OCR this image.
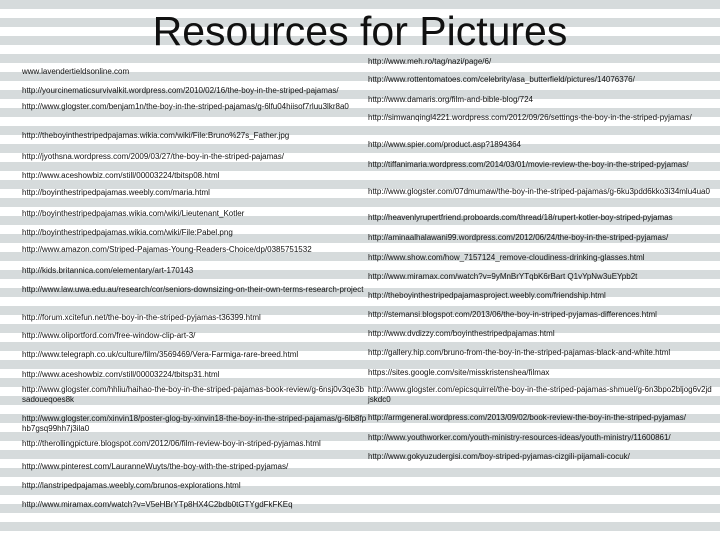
Resources for Pictures
www.lavendertieldsonline.com
http://yourcinematicsurvivalkit.wordpress.com/2010/02/16/the-boy-in-the-striped-pajamas/
http://www.glogster.com/benjam1n/the-boy-in-the-striped-pajamas/g-6lfu04hiisof7rluu3lkr8a0
http://theboyinthestripedpajamas.wikia.com/wiki/File:Bruno%27s_Father.jpg
http://jyothsna.wordpress.com/2009/03/27/the-boy-in-the-striped-pajamas/
http://www.aceshowbiz.com/still/00003224/tbitsp08.html
http://boyinthestripedpajamas.weebly.com/maria.html
http://boyinthestripedpajamas.wikia.com/wiki/Lieutenant_Kotler
http://boyinthestripedpajamas.wikia.com/wiki/File:Pabel.png
http://www.amazon.com/Striped-Pajamas-Young-Readers-Choice/dp/0385751532
http://kids.britannica.com/elementary/art-170143
http://www.law.uwa.edu.au/research/cor/seniors-downsizing-on-their-own-terms-research-project
http://forum.xcitefun.net/the-boy-in-the-striped-pyjamas-t36399.html
http://www.oliportford.com/free-window-clip-art-3/
http://www.telegraph.co.uk/culture/film/3569469/Vera-Farmiga-rare-breed.html
http://www.aceshowbiz.com/still/00003224/tbitsp31.html
http://www.glogster.com/hhliu/haihao-the-boy-in-the-striped-pajamas-book-review/g-6nsj0v3qe3bsadoueqoes8k
http://www.glogster.com/xinvin18/poster-glog-by-xinvin18-the-boy-in-the-striped-pajamas/g-6lb8fphb7gsq99hh7j3ila0
http://therollingpicture.blogspot.com/2012/06/film-review-boy-in-striped-pyjamas.html
http://www.pinterest.com/LauranneWuyts/the-boy-with-the-striped-pyjamas/
http://lanstripedpajamas.weebly.com/brunos-explorations.html
http://www.miramax.com/watch?v=V5eHBrYTp8HX4C2bdb0tGTYgdFkFKEq
http://www.meh.ro/tag/nazi/page/6/
http://www.rottentomatoes.com/celebrity/asa_butterfield/pictures/14076376/
http://www.damaris.org/film-and-bible-blog/724
http://simwanqingl4221.wordpress.com/2012/09/26/settings-the-boy-in-the-striped-pyjamas/
http://www.spier.com/product.asp?1894364
http://tiffanimaria.wordpress.com/2014/03/01/movie-review-the-boy-in-the-striped-pyjamas/
http://www.glogster.com/07dmumaw/the-boy-in-the-striped-pajamas/g-6ku3pdd6kko3i34mlu4ua0
http://heavenlyrupertfriend.proboards.com/thread/18/rupert-kotler-boy-striped-pyjamas
http://aminaalhalawani99.wordpress.com/2012/06/24/the-boy-in-the-striped-pyjamas/
http://www.show.com/how_7157124_remove-cloudiness-drinking-glasses.html
http://www.miramax.com/watch?v=9yMnBrYTqbK6rBart Q1vYpNw3uEYpb2t
http://theboyinthestripedpajamasproject.weebly.com/friendship.html
http://stemansi.blogspot.com/2013/06/the-boy-in-striped-pyjamas-differences.html
http://www.dvdizzy.com/boyinthestripedpajamas.html
http://gallery.hip.com/bruno-from-the-boy-in-the-striped-pajamas-black-and-white.html
https://sites.google.com/site/misskristenshea/filmax
http://www.glogster.com/epicsquirrel/the-boy-in-the-striped-pajamas-shmuel/g-6n3bpo2bljog6v2jdjskdc0
http://armgeneral.wordpress.com/2013/09/02/book-review-the-boy-in-the-striped-pyjamas/
http://www.youthworker.com/youth-ministry-resources-ideas/youth-ministry/11600861/
http://www.gokyuzudergisi.com/boy-striped-pyjamas-cizgili-pijamali-cocuk/
